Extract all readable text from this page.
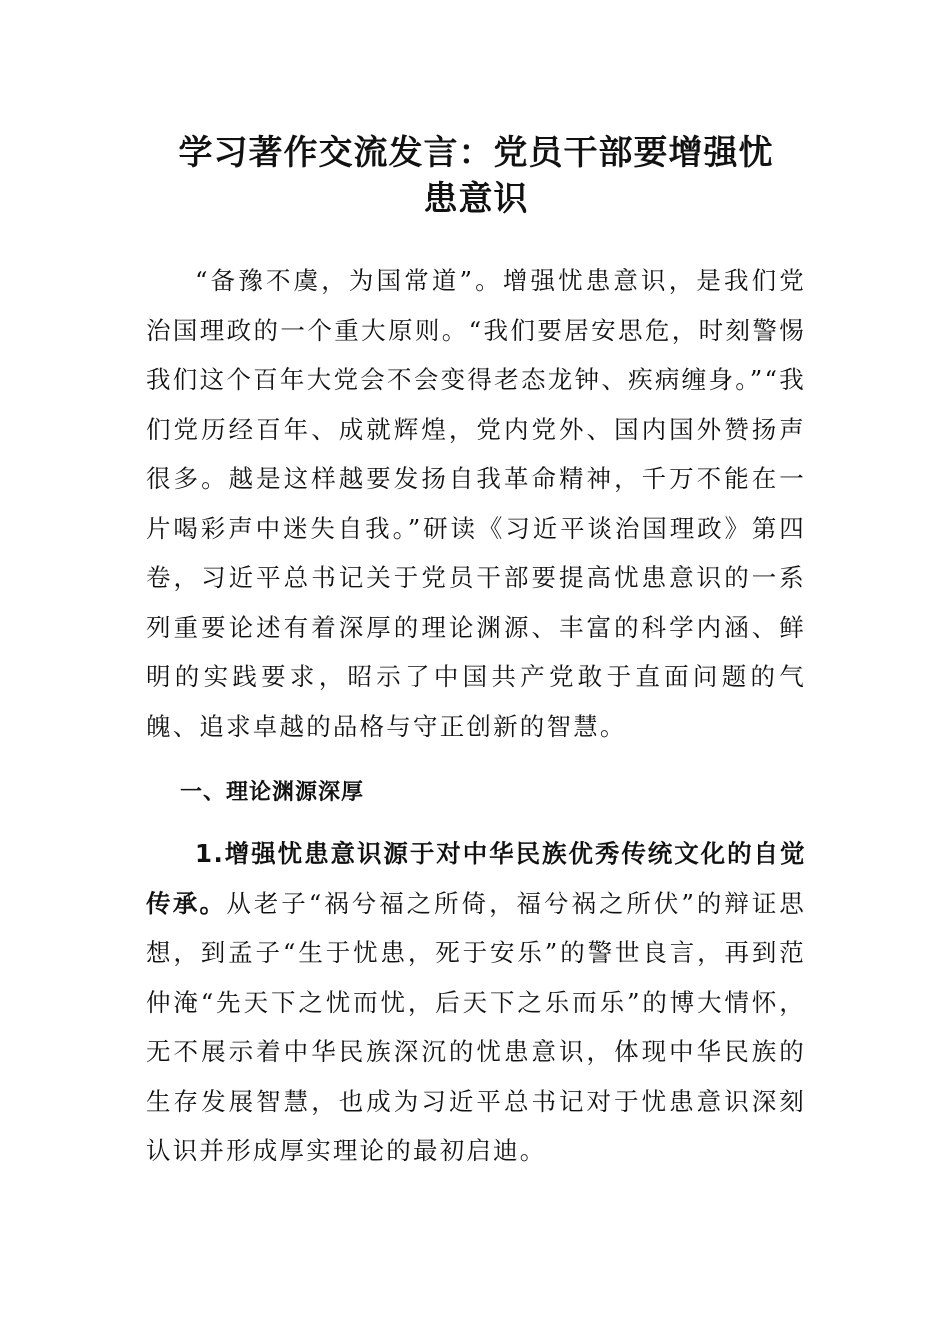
学习著作交流发言：党员干部要增强忧
患意识

“备豫不虞，为国常道”。增强忧患意识，是我们党治国理政的一个重大原则。“我们要居安思危，时刻警惕我们这个百年大党会不会变得老态龙钟、疾病缠身。”“我们党历经百年、成就辉煌，党内党外、国内国外赞扬声很多。越是这样越要发扬自我革命精神，千万不能在一片喝彩声中迷失自我。”研读《习近平谈治国理政》第四卷，习近平总书记关于党员干部要提高忧患意识的一系列重要论述有着深厚的理论渊源、丰富的科学内涵、鲜明的实践要求，昭示了中国共产党敢于直面问题的气魄、追求卓越的品格与守正创新的智慧。

一、理论渊源深厚

1.增强忧患意识源于对中华民族优秀传统文化的自觉传承。从老子“祸兮福之所倚，福兮祸之所伏”的辩证思想，到孟子“生于忧患，死于安乐”的警世良言，再到范仲淹“先天下之忧而忧，后天下之乐而乐”的博大情怀，无不展示着中华民族深沉的忧患意识，体现中华民族的生存发展智慧，也成为习近平总书记对于忧患意识深刻认识并形成厚实理论的最初启迪。
